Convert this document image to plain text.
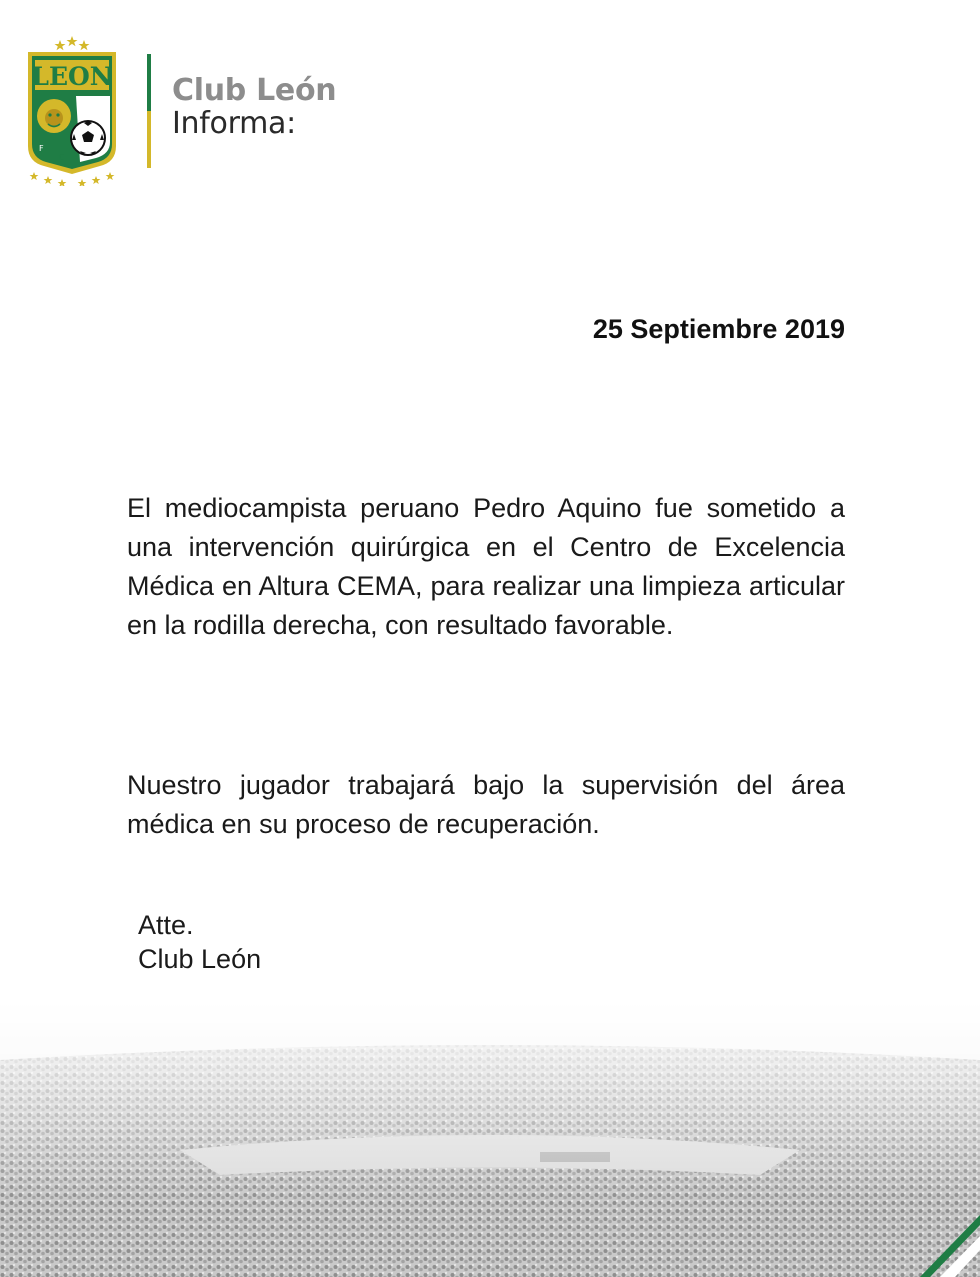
LEON
F
C
Club León
Informa:
25 Septiembre 2019

El mediocampista peruano Pedro Aquino fue sometido a una intervención quirúrgica en el Centro de Excelencia Médica en Altura CEMA, para realizar una limpieza articular en la rodilla derecha, con resultado favorable.

Nuestro jugador trabajará bajo la supervisión del área médica en su proceso de recuperación.

Atte.
Club León
